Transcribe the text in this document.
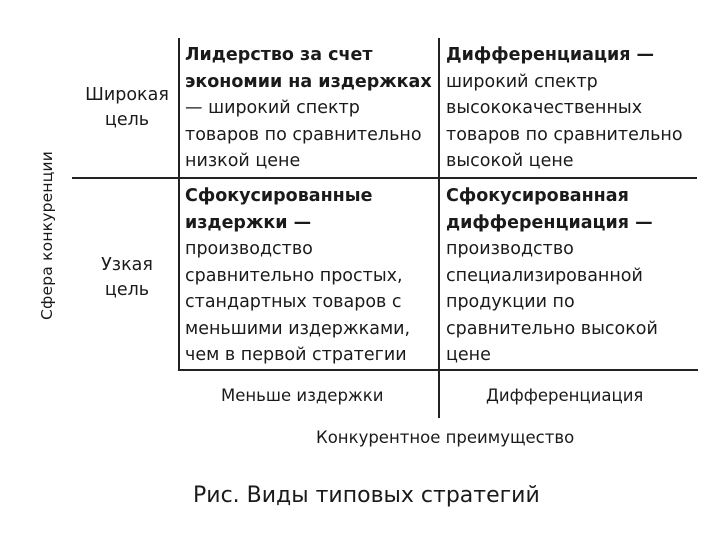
Сфера конкуренции
Широкая
цель
Узкая
цель
Лидерство за счет
экономии на издержках
— широкий спектр
товаров по сравнительно
низкой цене
Дифференциация —
широкий спектр
высококачественных
товаров по сравнительно
высокой цене
Сфокусированные
издержки —
производство
сравнительно простых,
стандартных товаров с
меньшими издержками,
чем в первой стратегии
Сфокусированная
дифференциация —
производство
специализированной
продукции по
сравнительно высокой
цене
Меньше издержки	Дифференциация
Конкурентное преимущество
Рис. Виды типовых стратегий
